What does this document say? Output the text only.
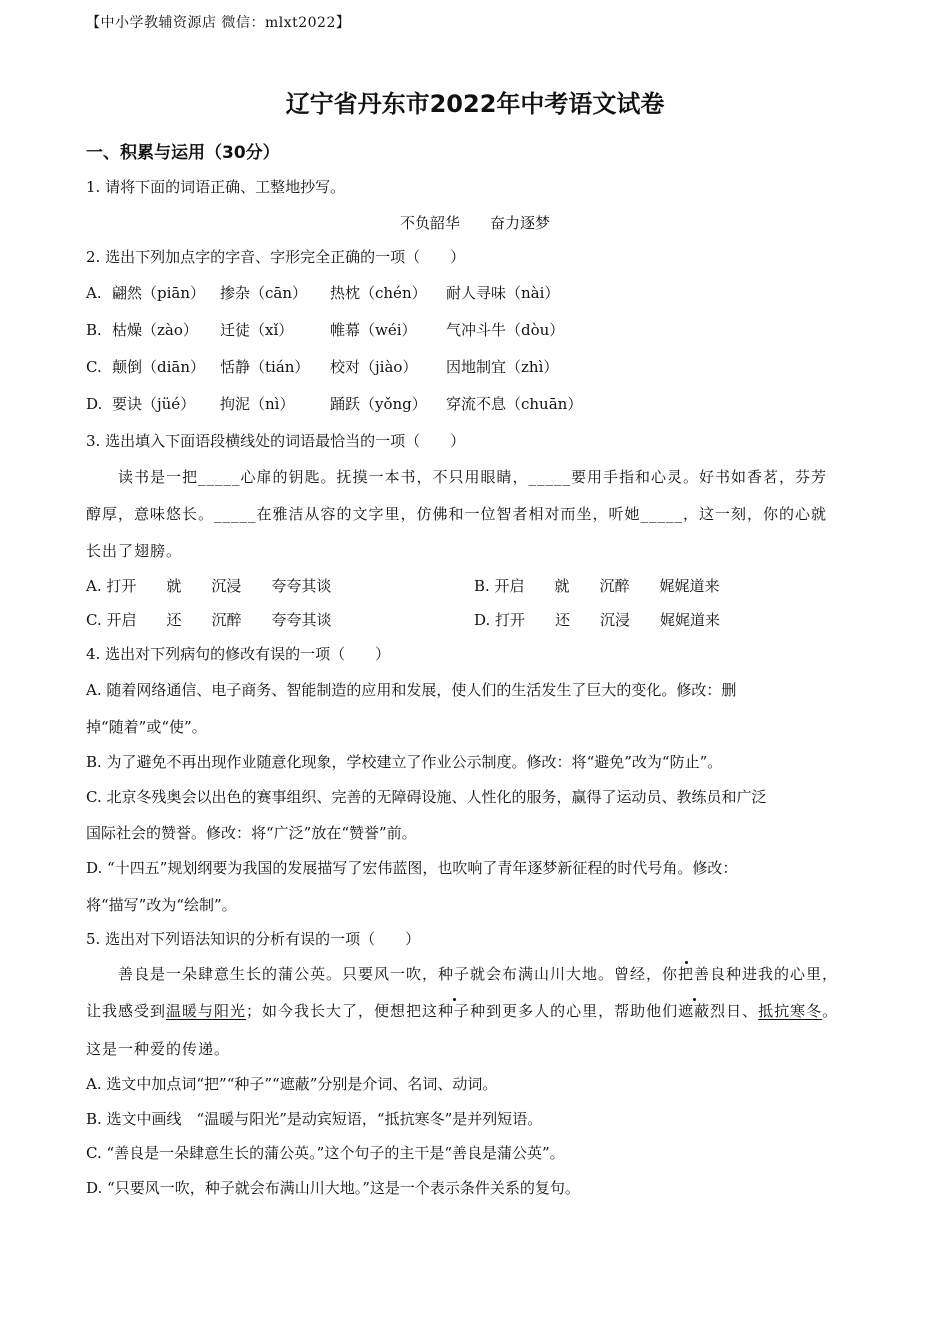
【中小学教辅资源店 微信：mlxt2022】
辽宁省丹东市2022年中考语文试卷
一、积累与运用（30分）
1. 请将下面的词语正确、工整地抄写。
不负韶华　　奋力逐梦
2. 选出下列加点字的字音、字形完全正确的一项（　　）
A. 翩然（piān） 掺杂（cān） 热枕（chén） 耐人寻味（nài）
B. 枯燥（zào） 迁徒（xǐ） 帷幕（wéi） 气冲斗牛（dòu）
C. 颠倒（diān） 恬静（tián） 校对（jiào） 因地制宜（zhì）
D. 要诀（jüé） 拘泥（nì） 踊跃（yǒng） 穿流不息（chuān）
3. 选出填入下面语段横线处的词语最恰当的一项（　　）
读书是一把_____心扉的钥匙。抚摸一本书，不只用眼睛，_____要用手指和心灵。好书如香茗，芬芳
醇厚，意味悠长。_____在雅洁从容的文字里，仿佛和一位智者相对而坐，听她_____，这一刻，你的心就
长出了翅膀。
A. 打开　　就　　沉浸　　夸夸其谈	B. 开启　　就　　沉醉　　娓娓道来
C. 开启　　还　　沉醉　　夸夸其谈	D. 打开　　还　　沉浸　　娓娓道来
4. 选出对下列病句的修改有误的一项（　　）
A. 随着网络通信、电子商务、智能制造的应用和发展，使人们的生活发生了巨大的变化。修改：删
掉“随着”或“使”。
B. 为了避免不再出现作业随意化现象，学校建立了作业公示制度。修改：将“避免”改为“防止”。
C. 北京冬残奥会以出色的赛事组织、完善的无障碍设施、人性化的服务，赢得了运动员、教练员和广泛
国际社会的赞誉。修改：将“广泛”放在“赞誉”前。
D. “十四五”规划纲要为我国的发展描写了宏伟蓝图，也吹响了青年逐梦新征程的时代号角。修改：
将“描写”改为“绘制”。
5. 选出对下列语法知识的分析有误的一项（　　）
善良是一朵肆意生长的蒲公英。只要风一吹，种子就会布满山川大地。曾经，你把善良种进我的心里，
让我感受到温暖与阳光；如今我长大了，便想把这种子种到更多人的心里，帮助他们遮蔽烈日、抵抗寒冬。
这是一种爱的传递。
A. 选文中加点词“把”“种子”“遮蔽”分别是介词、名词、动词。
B. 选文中画线　“温暖与阳光”是动宾短语，“抵抗寒冬”是并列短语。
C. “善良是一朵肆意生长的蒲公英。”这个句子的主干是“善良是蒲公英”。
D. “只要风一吹，种子就会布满山川大地。”这是一个表示条件关系的复句。
